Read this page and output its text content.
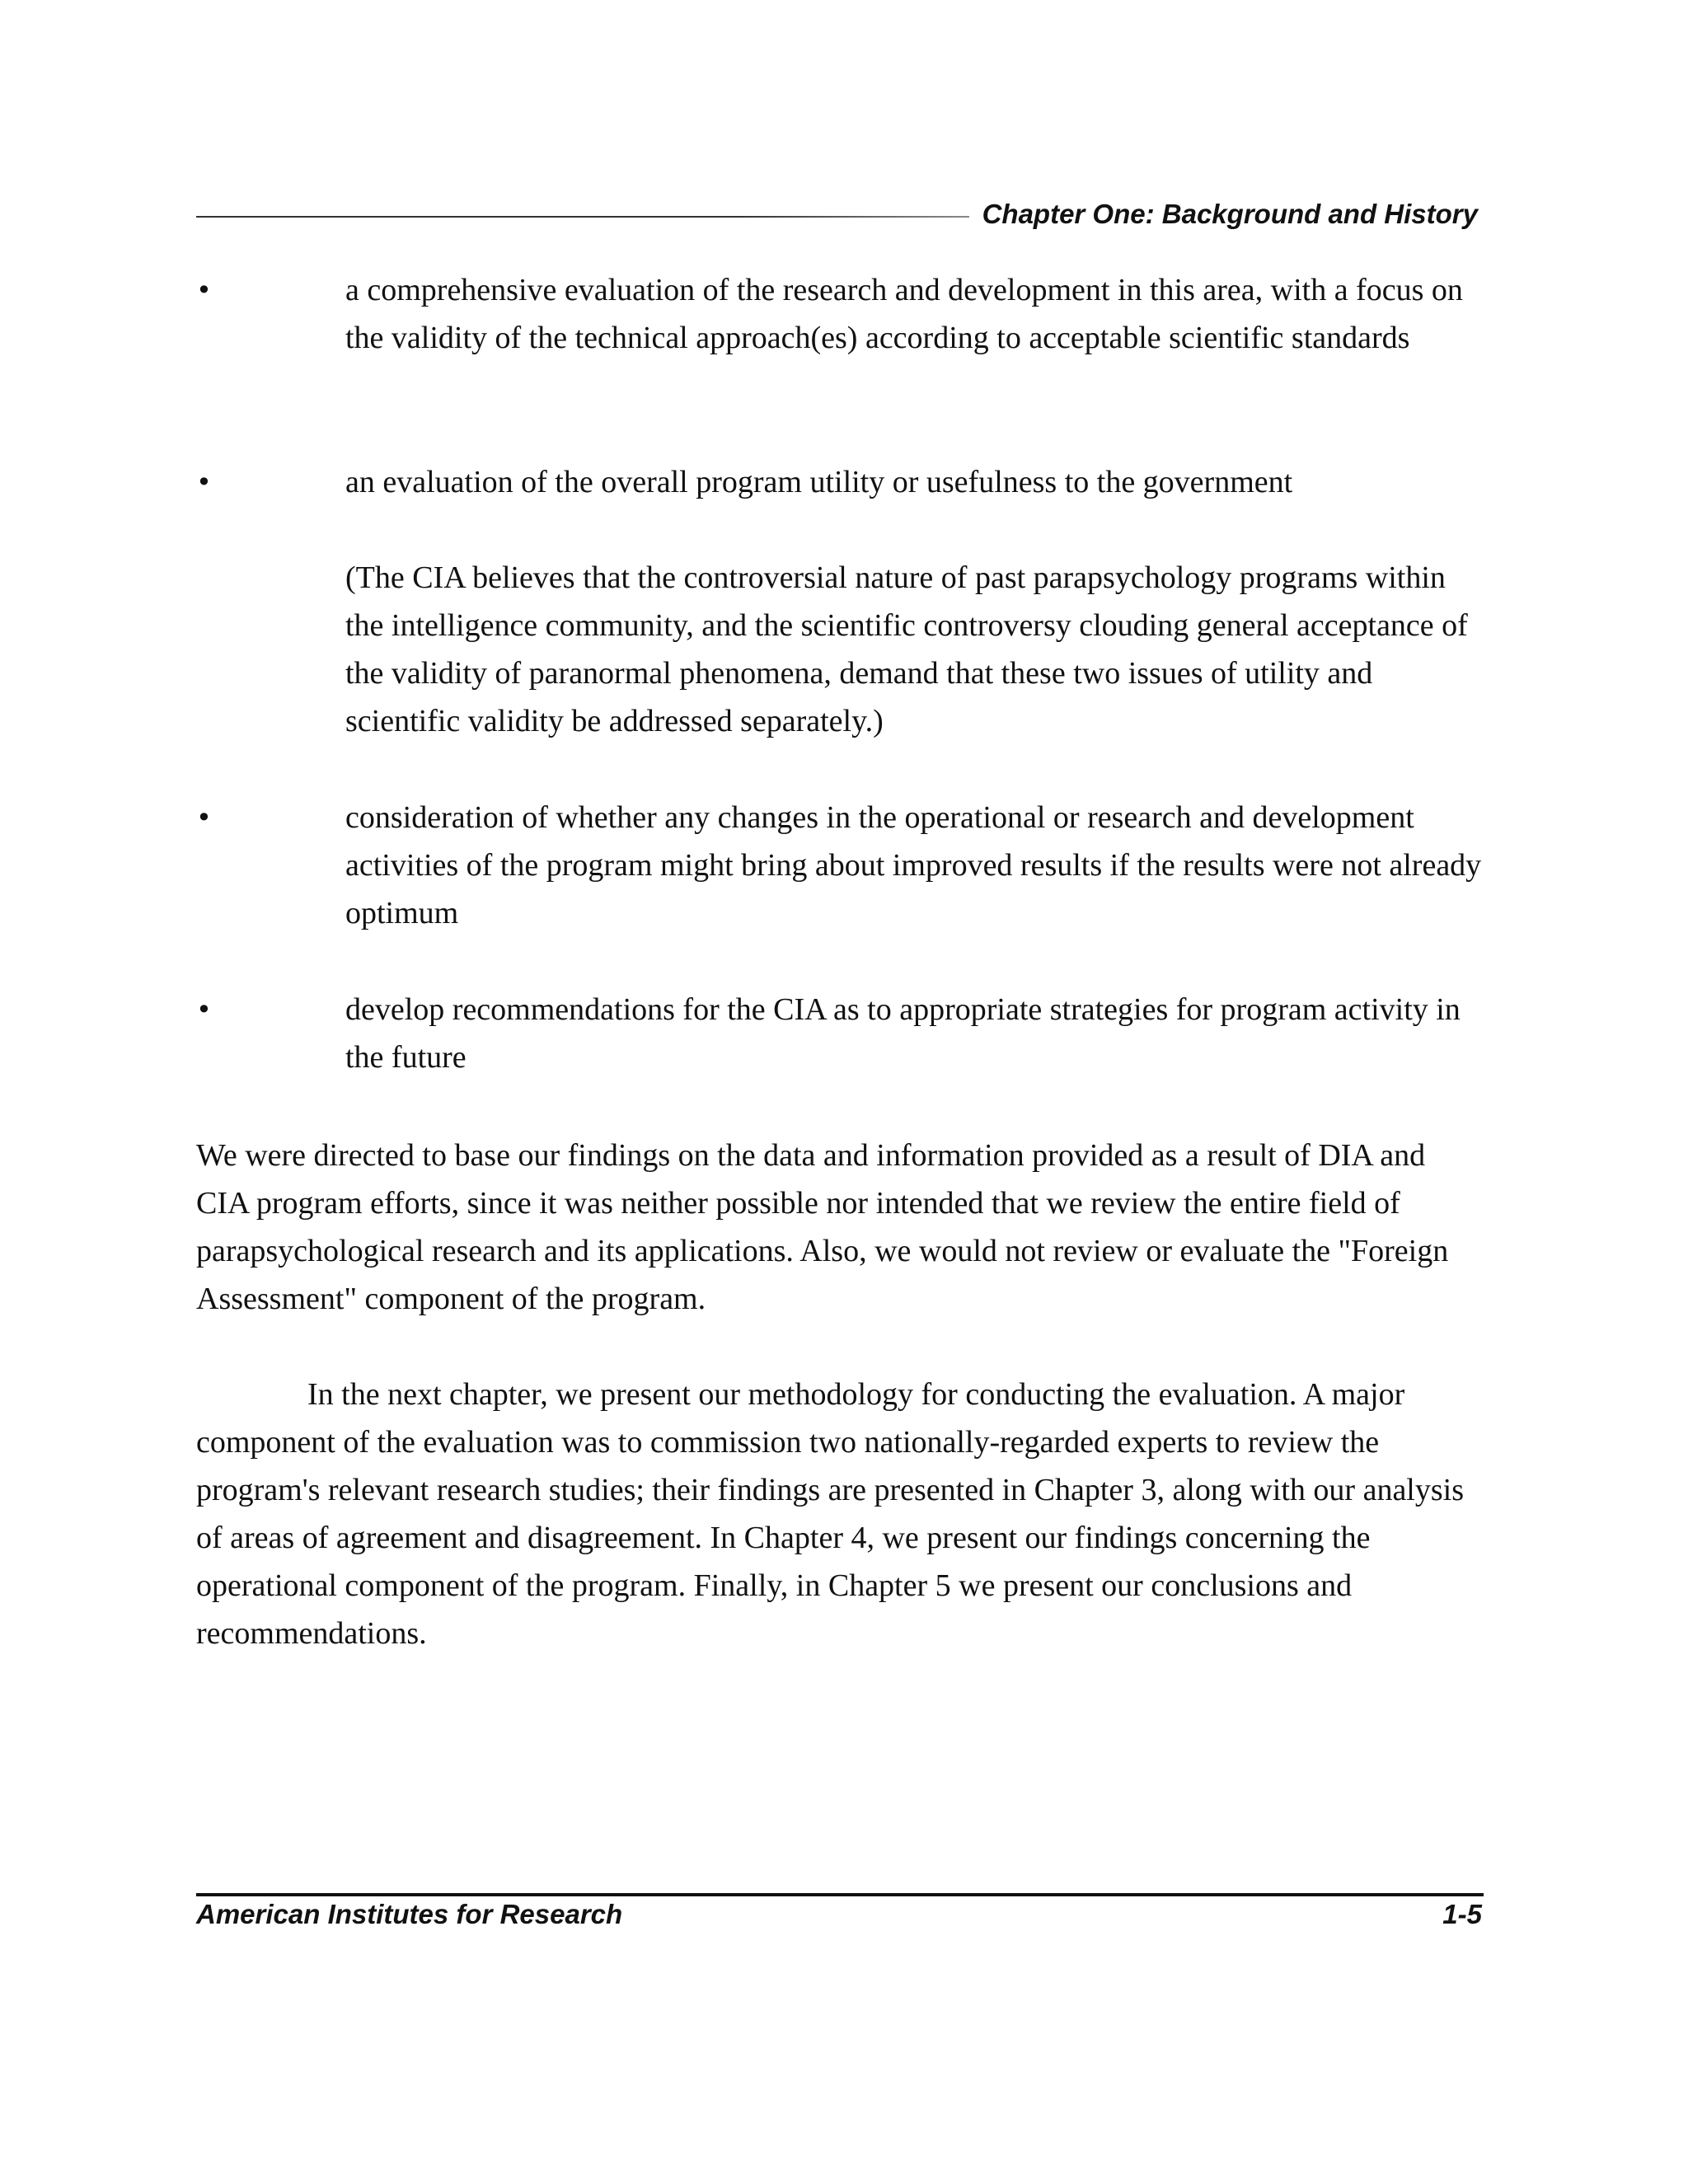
Chapter One: Background and History
•	a comprehensive evaluation of the research and development in this area, with a focus on the validity of the technical approach(es) according to acceptable scientific standards

•	an evaluation of the overall program utility or usefulness to the government

(The CIA believes that the controversial nature of past parapsychology programs within the intelligence community, and the scientific controversy clouding general acceptance of the validity of paranormal phenomena, demand that these two issues of utility and scientific validity be addressed separately.)

•	consideration of whether any changes in the operational or research and development activities of the program might bring about improved results if the results were not already optimum

•	develop recommendations for the CIA as to appropriate strategies for program activity in the future

We were directed to base our findings on the data and information provided as a result of DIA and CIA program efforts, since it was neither possible nor intended that we review the entire field of parapsychological research and its applications. Also, we would not review or evaluate the "Foreign Assessment" component of the program.

In the next chapter, we present our methodology for conducting the evaluation. A major component of the evaluation was to commission two nationally-regarded experts to review the program's relevant research studies; their findings are presented in Chapter 3, along with our analysis of areas of agreement and disagreement. In Chapter 4, we present our findings concerning the operational component of the program. Finally, in Chapter 5 we present our conclusions and recommendations.

American Institutes for Research	1-5
